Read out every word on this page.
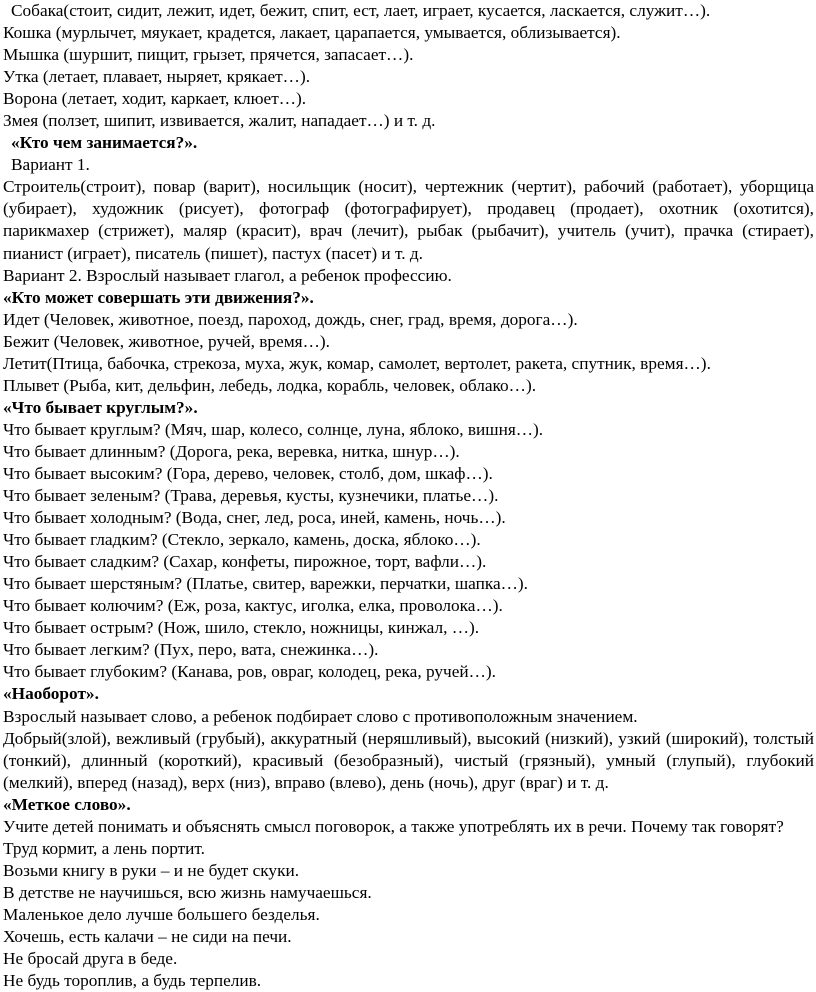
Собака(стоит, сидит, лежит, идет, бежит, спит, ест, лает, играет, кусается, ласкается, служит…).

Кошка (мурлычет, мяукает, крадется, лакает, царапается, умывается, облизывается).

Мышка (шуршит, пищит, грызет, прячется, запасает…).

Утка (летает, плавает, ныряет, крякает…).

Ворона (летает, ходит, каркает, клюет…).

Змея (ползет, шипит, извивается, жалит, нападает…) и т. д.

«Кто чем занимается?».

Вариант 1.

Строитель(строит), повар (варит), носильщик (носит), чертежник (чертит), рабочий (работает), уборщица (убирает), художник (рисует), фотограф (фотографирует), продавец (продает), охотник (охотится), парикмахер (стрижет), маляр (красит), врач (лечит), рыбак (рыбачит), учитель (учит), прачка (стирает), пианист (играет), писатель (пишет), пастух (пасет) и т. д.

Вариант 2. Взрослый называет глагол, а ребенок профессию.

«Кто может совершать эти движения?».

Идет (Человек, животное, поезд, пароход, дождь, снег, град, время, дорога…).

Бежит (Человек, животное, ручей, время…).

Летит(Птица, бабочка, стрекоза, муха, жук, комар, самолет, вертолет, ракета, спутник, время…).

Плывет (Рыба, кит, дельфин, лебедь, лодка, корабль, человек, облако…).

«Что бывает круглым?».

Что бывает круглым? (Мяч, шар, колесо, солнце, луна, яблоко, вишня…).

Что бывает длинным? (Дорога, река, веревка, нитка, шнур…).

Что бывает высоким? (Гора, дерево, человек, столб, дом, шкаф…).

Что бывает зеленым? (Трава, деревья, кусты, кузнечики, платье…).

Что бывает холодным? (Вода, снег, лед, роса, иней, камень, ночь…).

Что бывает гладким? (Стекло, зеркало, камень, доска, яблоко…).

Что бывает сладким? (Сахар, конфеты, пирожное, торт, вафли…).

Что бывает шерстяным? (Платье, свитер, варежки, перчатки, шапка…).

Что бывает колючим? (Еж, роза, кактус, иголка, елка, проволока…).

Что бывает острым? (Нож, шило, стекло, ножницы, кинжал, …).

Что бывает легким? (Пух, перо, вата, снежинка…).

Что бывает глубоким? (Канава, ров, овраг, колодец, река, ручей…).

«Наоборот».

Взрослый называет слово, а ребенок подбирает слово с противоположным значением.

Добрый(злой), вежливый (грубый), аккуратный (неряшливый), высокий (низкий), узкий (широкий), толстый (тонкий), длинный (короткий), красивый (безобразный), чистый (грязный), умный (глупый), глубокий (мелкий), вперед (назад), верх (низ), вправо (влево), день (ночь), друг (враг) и т. д.

«Меткое слово».

Учите детей понимать и объяснять смысл поговорок, а также употреблять их в речи. Почему так говорят?

Труд кормит, а лень портит.

Возьми книгу в руки – и не будет скуки.

В детстве не научишься, всю жизнь намучаешься.

Маленькое дело лучше большего безделья.

Хочешь, есть калачи – не сиди на печи.

Не бросай друга в беде.

Не будь тороплив, а будь терпелив.
